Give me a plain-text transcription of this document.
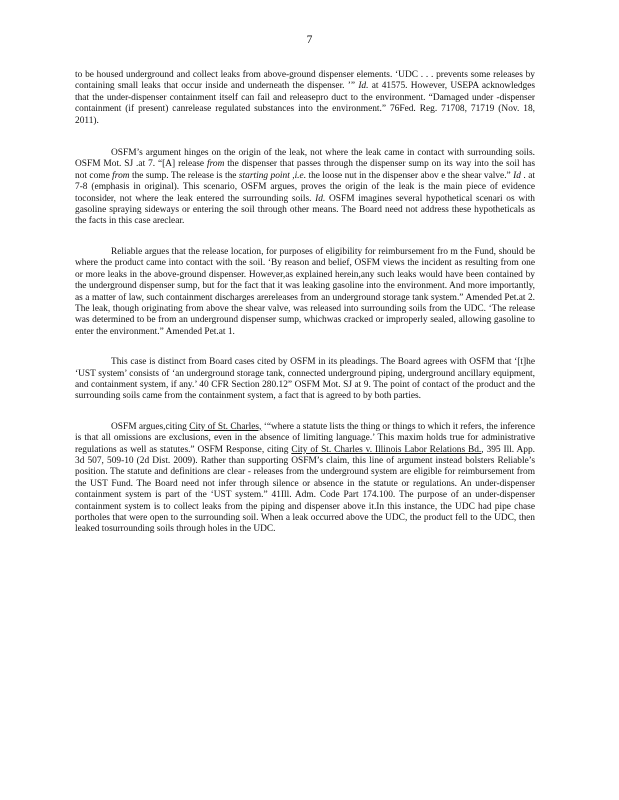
7

to be housed underground and collect leaks from above-ground dispenser elements. ‘UDC . . . prevents some releases by containing small leaks that occur inside and underneath the dispenser. ’” Id. at 41575. However, USEPA acknowledges that the under-dispenser containment itself can fail and releasepro duct to the environment. “Damaged under -dispenser containment (if present) canrelease regulated substances into the environment.” 76Fed. Reg. 71708, 71719 (Nov. 18, 2011).

OSFM’s argument hinges on the origin of the leak, not where the leak came in contact with surrounding soils. OSFM Mot. SJ .at 7. “[A] release from the dispenser that passes through the dispenser sump on its way into the soil has not come from the sump. The release is the starting point ,i.e. the loose nut in the dispenser abov e the shear valve.” Id . at 7-8 (emphasis in original). This scenario, OSFM argues, proves the origin of the leak is the main piece of evidence toconsider, not where the leak entered the surrounding soils. Id. OSFM imagines several hypothetical scenari os with gasoline spraying sideways or entering the soil through other means. The Board need not address these hypotheticals as the facts in this case areclear.

Reliable argues that the release location, for purposes of eligibility for reimbursement fro m the Fund, should be where the product came into contact with the soil. ‘By reason and belief, OSFM views the incident as resulting from one or more leaks in the above-ground dispenser. However,as explained herein,any such leaks would have been contained by the underground dispenser sump, but for the fact that it was leaking gasoline into the environment. And more importantly, as a matter of law, such containment discharges arereleases from an underground storage tank system.” Amended Pet.at 2. The leak, though originating from above the shear valve, was released into surrounding soils from the UDC. ‘The release was determined to be from an underground dispenser sump, whichwas cracked or improperly sealed, allowing gasoline to enter the environment.” Amended Pet.at 1.

This case is distinct from Board cases cited by OSFM in its pleadings. The Board agrees with OSFM that ‘[t]he ‘UST system’ consists of ‘an underground storage tank, connected underground piping, underground ancillary equipment, and containment system, if any.’ 40 CFR Section 280.12” OSFM Mot. SJ at 9. The point of contact of the product and the surrounding soils came from the containment system, a fact that is agreed to by both parties.

OSFM argues,citing City of St. Charles, ‘“where a statute lists the thing or things to which it refers, the inference is that all omissions are exclusions, even in the absence of limiting language.’ This maxim holds true for administrative regulations as well as statutes.” OSFM Response, citing City of St. Charles v. Illinois Labor Relations Bd., 395 Ill. App. 3d 507, 509-10 (2d Dist. 2009). Rather than supporting OSFM’s claim, this line of argument instead bolsters Reliable’s position. The statute and definitions are clear - releases from the underground system are eligible for reimbursement from the UST Fund. The Board need not infer through silence or absence in the statute or regulations. An under-dispenser containment system is part of the ‘UST system.” 41Ill. Adm. Code Part 174.100. The purpose of an under-dispenser containment system is to collect leaks from the piping and dispenser above it.In this instance, the UDC had pipe chase portholes that were open to the surrounding soil. When a leak occurred above the UDC, the product fell to the UDC, then leaked tosurrounding soils through holes in the UDC.
